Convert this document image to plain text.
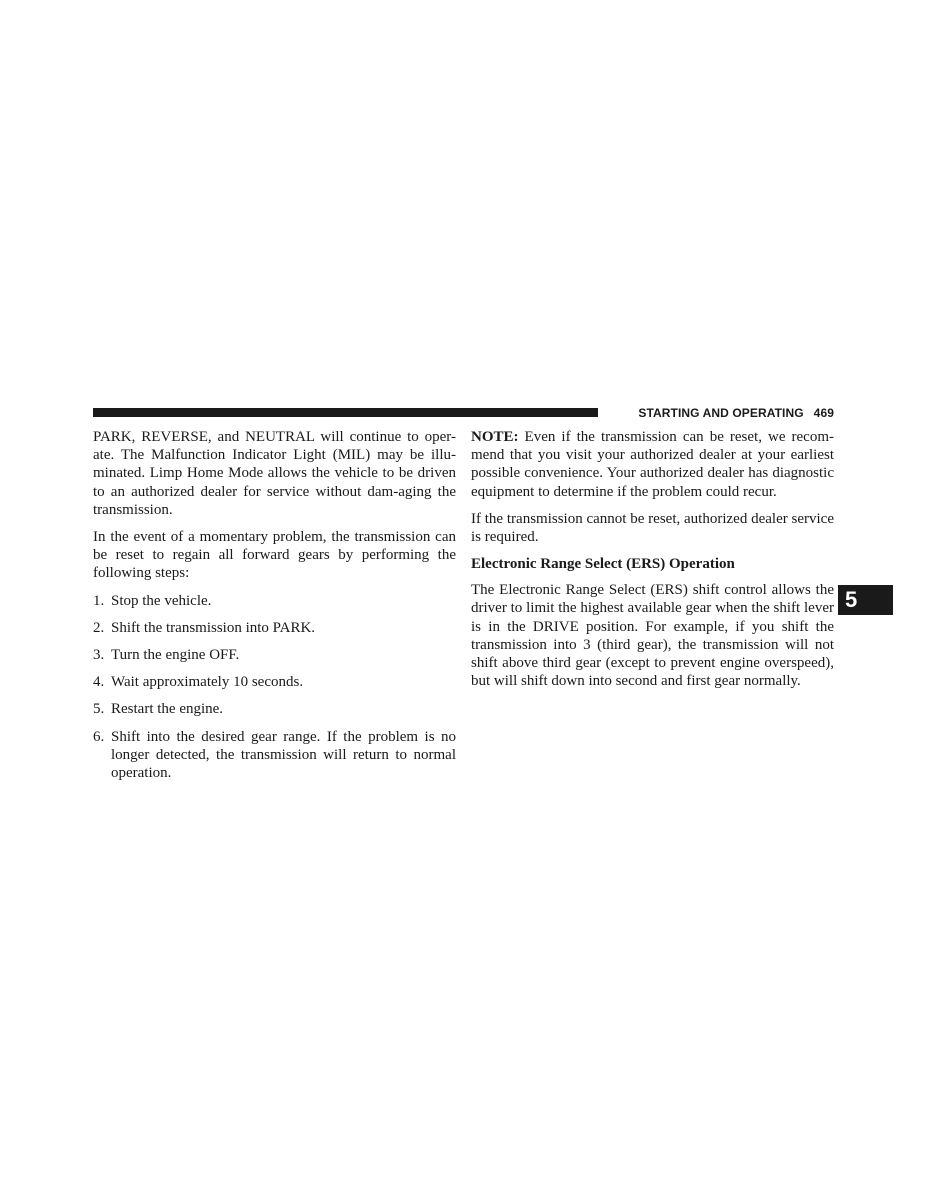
STARTING AND OPERATING 469

PARK, REVERSE, and NEUTRAL will continue to oper-ate. The Malfunction Indicator Light (MIL) may be illu-minated. Limp Home Mode allows the vehicle to be driven to an authorized dealer for service without dam-aging the transmission.

In the event of a momentary problem, the transmission can be reset to regain all forward gears by performing the following steps:

1. Stop the vehicle.
2. Shift the transmission into PARK.
3. Turn the engine OFF.
4. Wait approximately 10 seconds.
5. Restart the engine.
6. Shift into the desired gear range. If the problem is no longer detected, the transmission will return to normal operation.

NOTE: Even if the transmission can be reset, we recom-mend that you visit your authorized dealer at your earliest possible convenience. Your authorized dealer has diagnostic equipment to determine if the problem could recur.

If the transmission cannot be reset, authorized dealer service is required.

Electronic Range Select (ERS) Operation

The Electronic Range Select (ERS) shift control allows the driver to limit the highest available gear when the shift lever is in the DRIVE position. For example, if you shift the transmission into 3 (third gear), the transmission will not shift above third gear (except to prevent engine overspeed), but will shift down into second and first gear normally.

5
